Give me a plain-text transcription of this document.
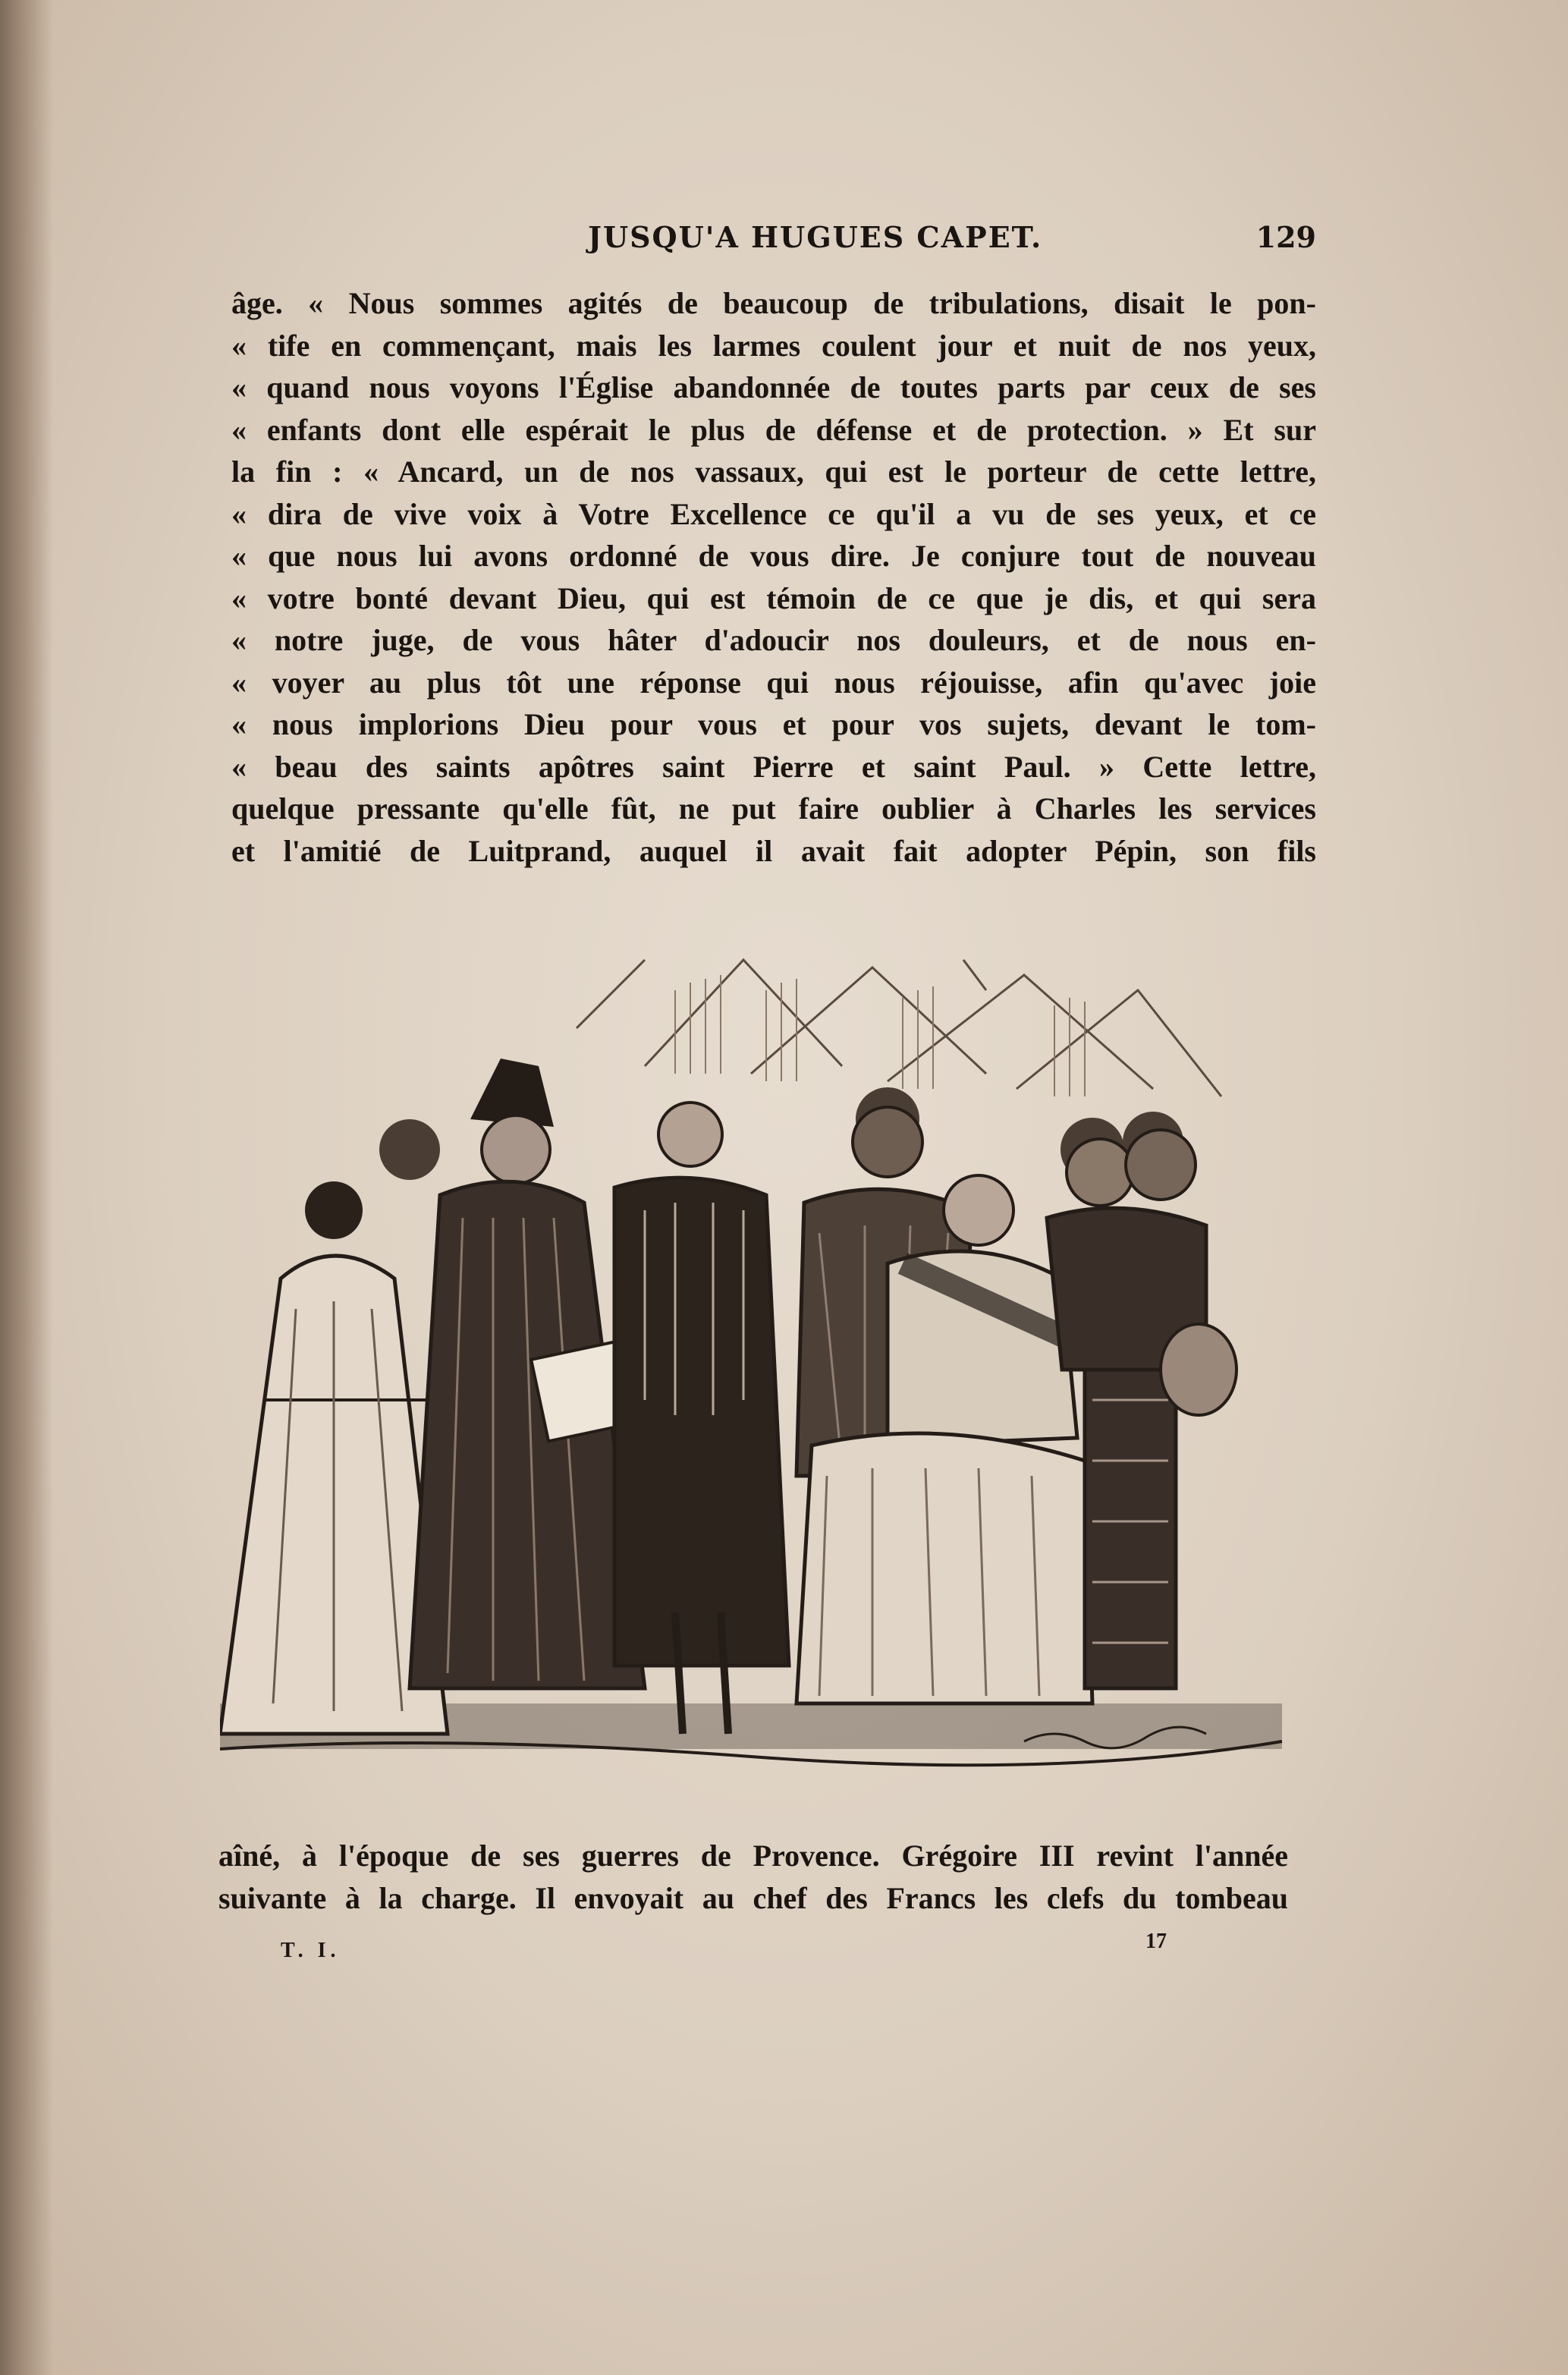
JUSQU'A HUGUES CAPET.	129
âge. « Nous sommes agités de beaucoup de tribulations, disait le pon-
« tife en commençant, mais les larmes coulent jour et nuit de nos yeux,
« quand nous voyons l'Église abandonnée de toutes parts par ceux de ses
« enfants dont elle espérait le plus de défense et de protection. » Et sur
la fin : « Ancard, un de nos vassaux, qui est le porteur de cette lettre,
« dira de vive voix à Votre Excellence ce qu'il a vu de ses yeux, et ce
« que nous lui avons ordonné de vous dire. Je conjure tout de nouveau
« votre bonté devant Dieu, qui est témoin de ce que je dis, et qui sera
« notre juge, de vous hâter d'adoucir nos douleurs, et de nous en-
« voyer au plus tôt une réponse qui nous réjouisse, afin qu'avec joie
« nous implorions Dieu pour vous et pour vos sujets, devant le tom-
« beau des saints apôtres saint Pierre et saint Paul. » Cette lettre,
quelque pressante qu'elle fût, ne put faire oublier à Charles les services
et l'amitié de Luitprand, auquel il avait fait adopter Pépin, son fils
aîné, à l'époque de ses guerres de Provence. Grégoire III revint l'année
suivante à la charge. Il envoyait au chef des Francs les clefs du tombeau
T. I.	17
